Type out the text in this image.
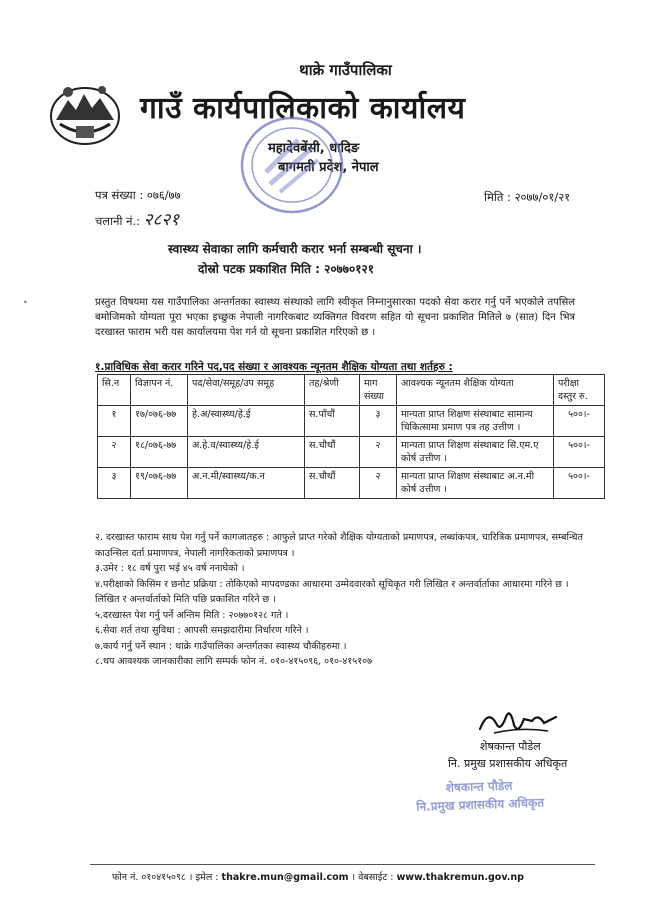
थाक्रे गाउँपालिका
गाउँ कार्यपालिकाको कार्यालय
महादेवबेंसी, धादिङ
बागमती प्रदेश, नेपाल
पत्र संख्या : ०७६/७७
चलानी नं.: २८२१
मिति : २०७७/०१/२१
स्वास्थ्य सेवाका लागि कर्मचारी करार भर्ना सम्बन्धी सूचना ।
दोस्रो पटक प्रकाशित मिति : २०७७०१२१
प्रस्तुत विषयमा यस गाउँपालिका अन्तर्गतका स्वास्थ्य संस्थाको लागि स्वीकृत निम्नानुसारका पदको सेवा करार गर्नु पर्ने भएकोले तपसिल बमोजिमको योग्यता पूरा भएका इच्छुक नेपाली नागरिकबाट व्यक्तिगत विवरण सहित यो सूचना प्रकाशित मितिले ७ (सात) दिन भित्र दरखास्त फाराम भरी यस कार्यालयमा पेश गर्न यो सूचना प्रकाशित गरिएको छ ।
•
१.प्राविधिक सेवा करार गरिने पद,पद संख्या र आवश्यक न्यूनतम शैक्षिक योग्यता तथा शर्तहरु :
सि.न	विज्ञापन नं.	पद/सेवा/समूह/उप समूह	तह/श्रेणी	माग संख्या	आवश्यक न्यूनतम शैक्षिक योग्यता	परीक्षा दस्तुर रु.
१	१७/०७६-७७	हे.अ/स्वास्थ्य/हे.ई	स.पाँचौं	३	मान्यता प्राप्त शिक्षण संस्थाबाट सामान्य चिकित्सामा प्रमाण पत्र तह उत्तीण ।	५००।-
२	१८/०७६-७७	अ.हे.व/स्वास्थ्य/हे.ई	स.चौथौं	२	मान्यता प्राप्त शिक्षण संस्थाबाट सि.एम.ए कोर्ष उत्तीण ।	५००।-
३	१९/०७६-७७	अ.न.मी/स्वास्थ्य/क.न	स.चौथौं	२	मान्यता प्राप्त शिक्षण संस्थाबाट अ.न.मी कोर्ष उत्तीण ।	५००।-

२. दरखास्त फाराम साथ पेश गर्नु पर्ने कागजातहरु : आफुले प्राप्त गरेको शैक्षिक योग्यताको प्रमाणपत्र, लब्धांकपत्र, चारित्रिक प्रमाणपत्र, सम्बन्धित काउन्सिल दर्ता प्रमाणपत्र, नेपाली नागरिकताको प्रमाणपत्र ।

३.उमेर : १८ वर्ष पुरा भई ४५ वर्ष ननाघेको ।

४.परीक्षाको किसिम र छनोट प्रक्रिया : तोकिएको मापदण्डका आधारमा उम्मेदवारको सूचिकृत गरी लिखित र अन्तर्वार्ताका आधारमा गरिने छ । लिखित र अन्तर्वार्ताको मिति पछि प्रकाशित गरिने छ ।

५.दरखास्त पेश गर्नु पर्ने अन्तिम मिति : २०७७०१२८ गते ।

६.सेवा शर्त तथा सुविधा : आपसी समझदारीमा निर्धारण गरिने ।

७.कार्य गर्नु पर्ने स्थान : थाक्रे गाउँपालिका अन्तर्गतका स्वास्थ्य चौकीहरुमा ।

८.थप आवश्यक जानकारीका लागि सम्पर्क फोन नं. ०१०-४१५०९६, ०१०-४१५१०७

शेषकान्त पौडेल
नि. प्रमुख प्रशासकीय अधिकृत
शेषकान्त पौडेल
नि.प्रमुख प्रशासकीय अधिकृत
फोन नं. ०१०४१५०९८ । इमेल : thakre.mun@gmail.com । वेबसाईट : www.thakremun.gov.np
